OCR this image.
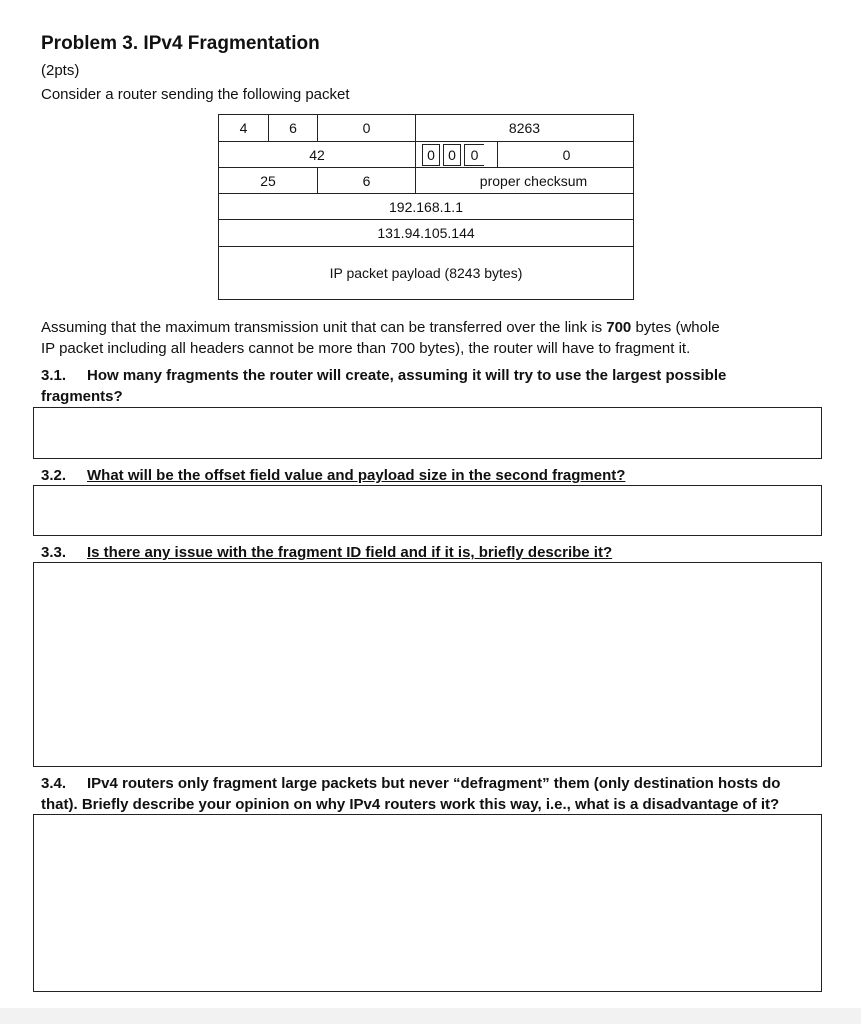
Problem 3. IPv4 Fragmentation
(2pts)
Consider a router sending the following packet
4	6	0	8263
42	0 0	0	0
25	6	proper checksum
192.168.1.1
131.94.105.144
IP packet payload (8243 bytes)
Assuming that the maximum transmission unit that can be transferred over the link is 700 bytes (whole
IP packet including all headers cannot be more than 700 bytes), the router will have to fragment it.
3.1. How many fragments the router will create, assuming it will try to use the largest possible
fragments?
3.2. What will be the offset field value and payload size in the second fragment?
3.3. Is there any issue with the fragment ID field and if it is, briefly describe it?
3.4. IPv4 routers only fragment large packets but never “defragment” them (only destination hosts do
that). Briefly describe your opinion on why IPv4 routers work this way, i.e., what is a disadvantage of it?
